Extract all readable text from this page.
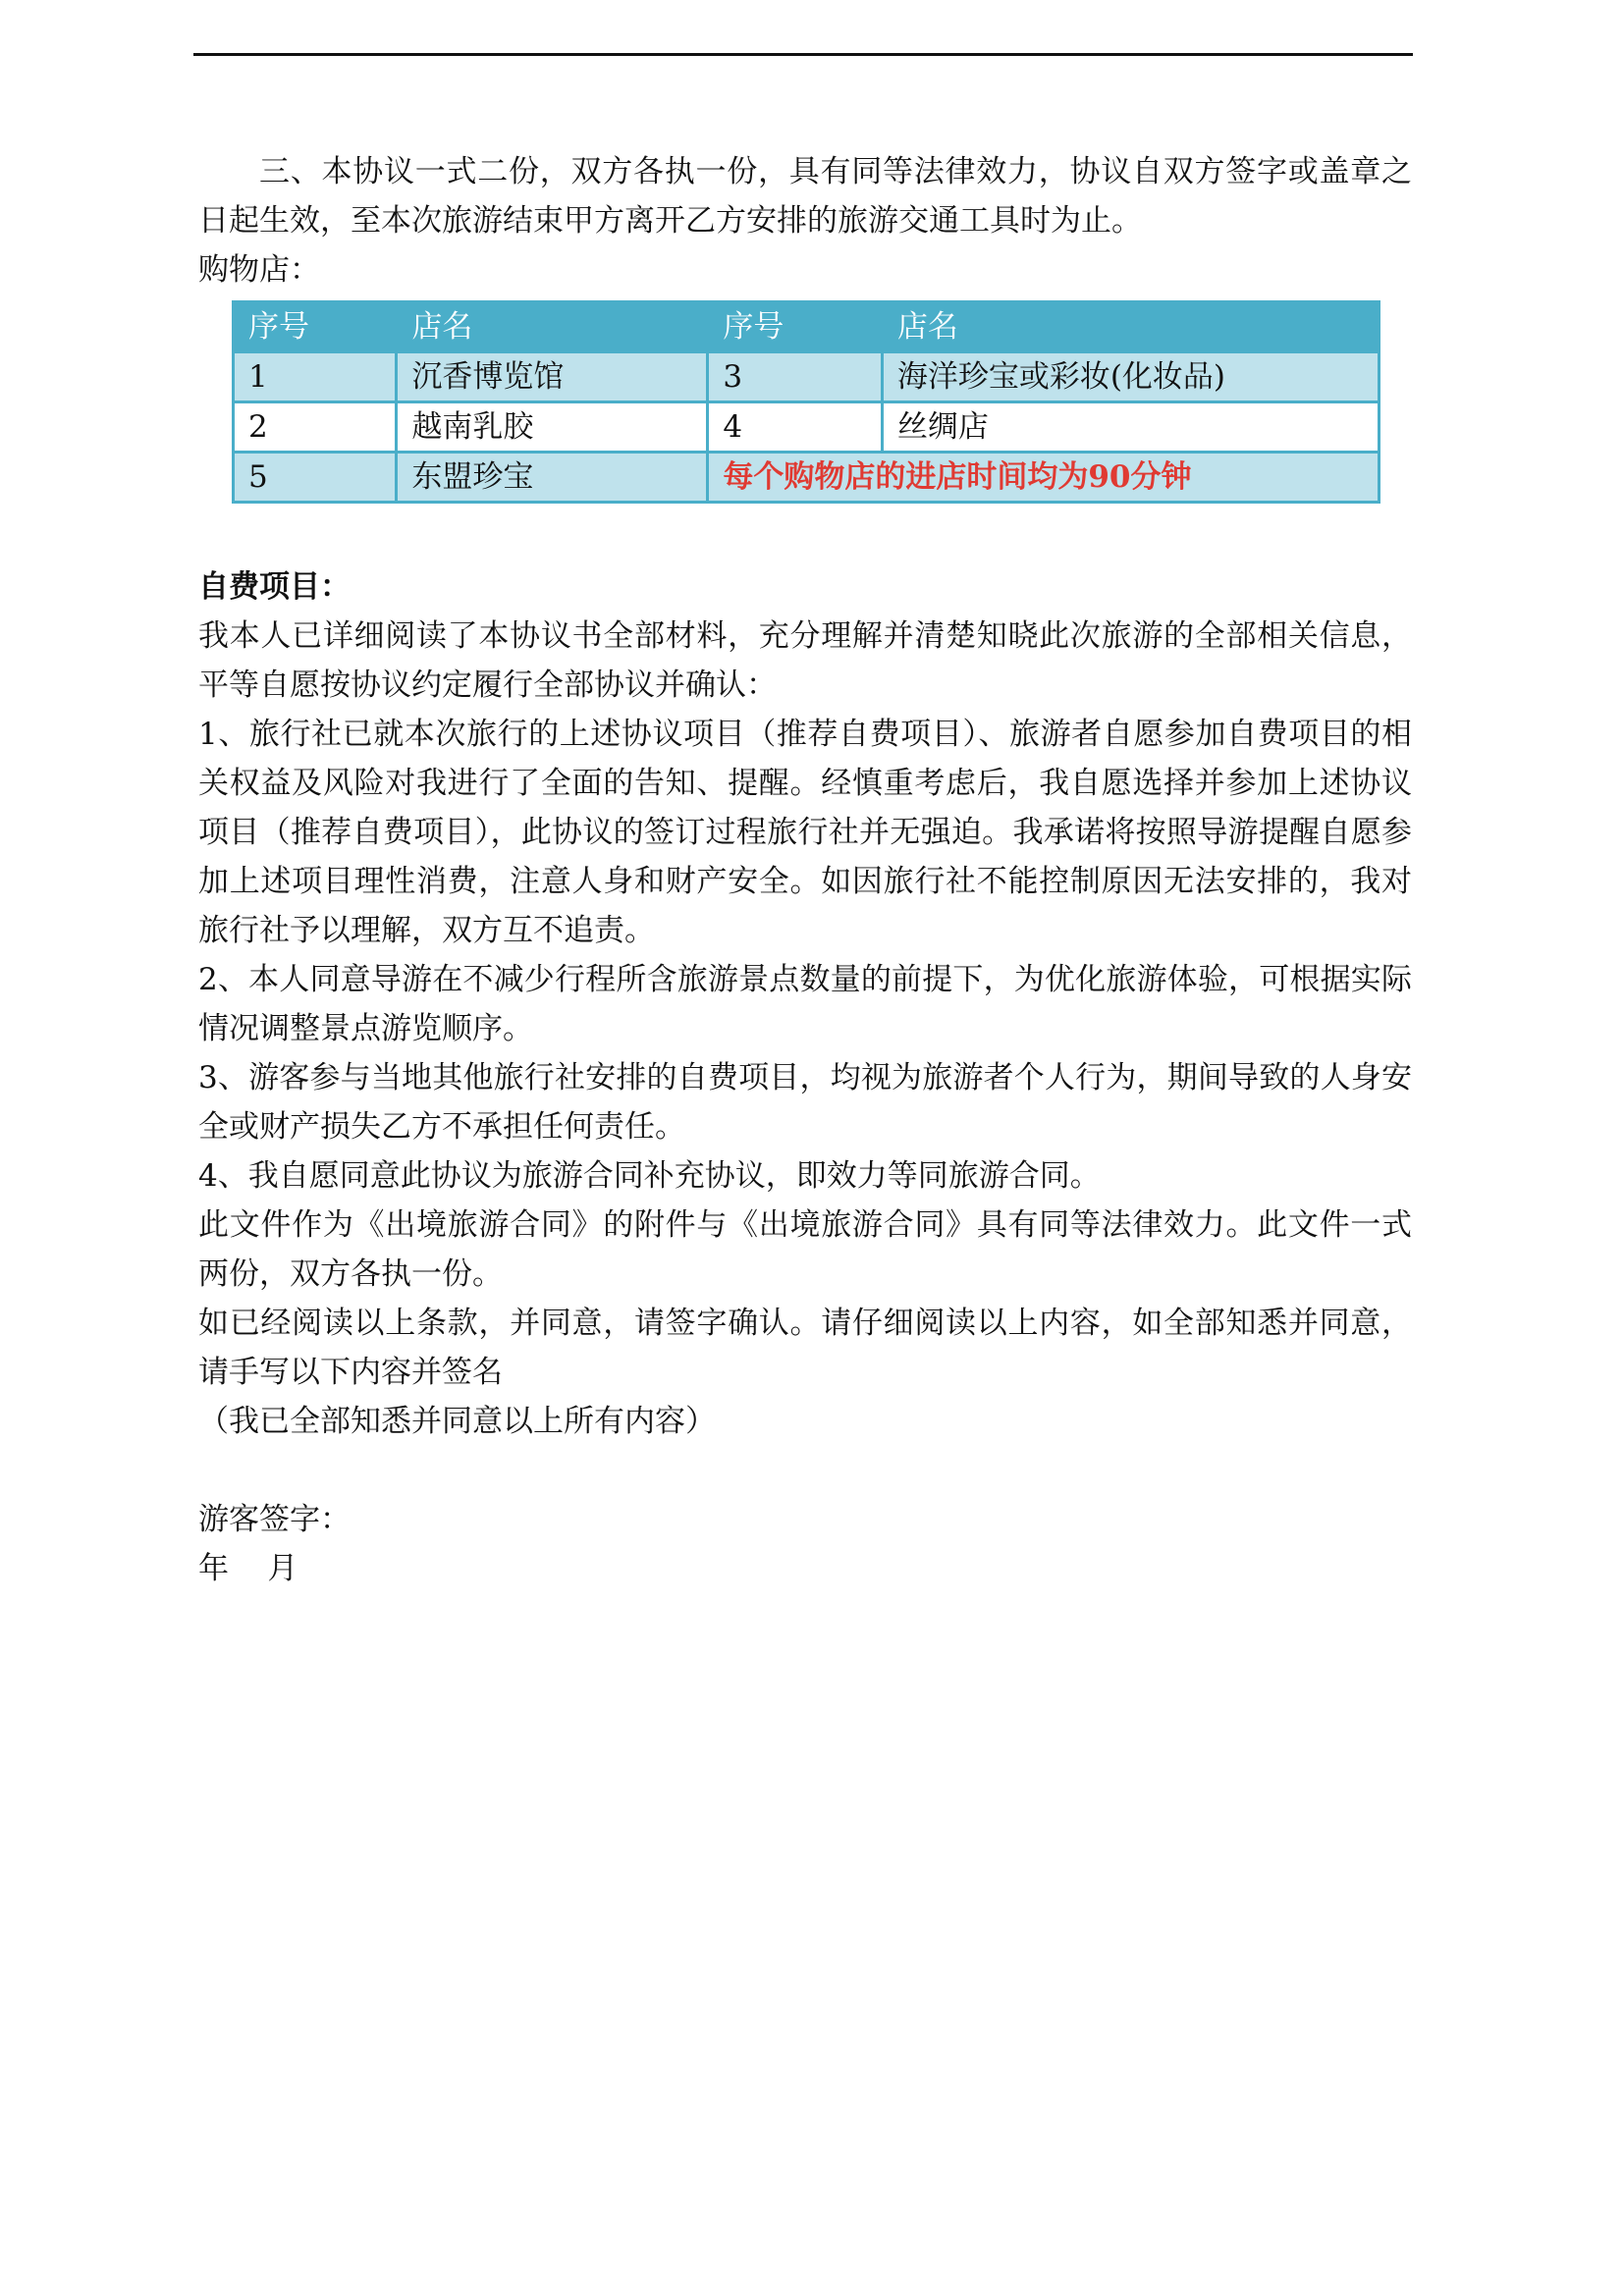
三、本协议一式二份，双方各执一份，具有同等法律效力，协议自双方签字或盖章之日起生效，至本次旅游结束甲方离开乙方安排的旅游交通工具时为止。

购物店：

序号	店名	序号	店名
1	沉香博览馆	3	海洋珍宝或彩妆(化妆品)
2	越南乳胶	4	丝绸店
5	东盟珍宝	每个购物店的进店时间均为90分钟	

自费项目：

我本人已详细阅读了本协议书全部材料，充分理解并清楚知晓此次旅游的全部相关信息，平等自愿按协议约定履行全部协议并确认：

1、旅行社已就本次旅行的上述协议项目（推荐自费项目）、旅游者自愿参加自费项目的相关权益及风险对我进行了全面的告知、提醒。经慎重考虑后，我自愿选择并参加上述协议项目（推荐自费项目），此协议的签订过程旅行社并无强迫。我承诺将按照导游提醒自愿参加上述项目理性消费，注意人身和财产安全。如因旅行社不能控制原因无法安排的，我对旅行社予以理解，双方互不追责。

2、本人同意导游在不减少行程所含旅游景点数量的前提下，为优化旅游体验，可根据实际情况调整景点游览顺序。

3、游客参与当地其他旅行社安排的自费项目，均视为旅游者个人行为，期间导致的人身安全或财产损失乙方不承担任何责任。

4、我自愿同意此协议为旅游合同补充协议，即效力等同旅游合同。

此文件作为《出境旅游合同》的附件与《出境旅游合同》具有同等法律效力。此文件一式两份，双方各执一份。

如已经阅读以上条款，并同意，请签字确认。请仔细阅读以上内容，如全部知悉并同意，请手写以下内容并签名

（我已全部知悉并同意以上所有内容）

游客签字：

年    月
